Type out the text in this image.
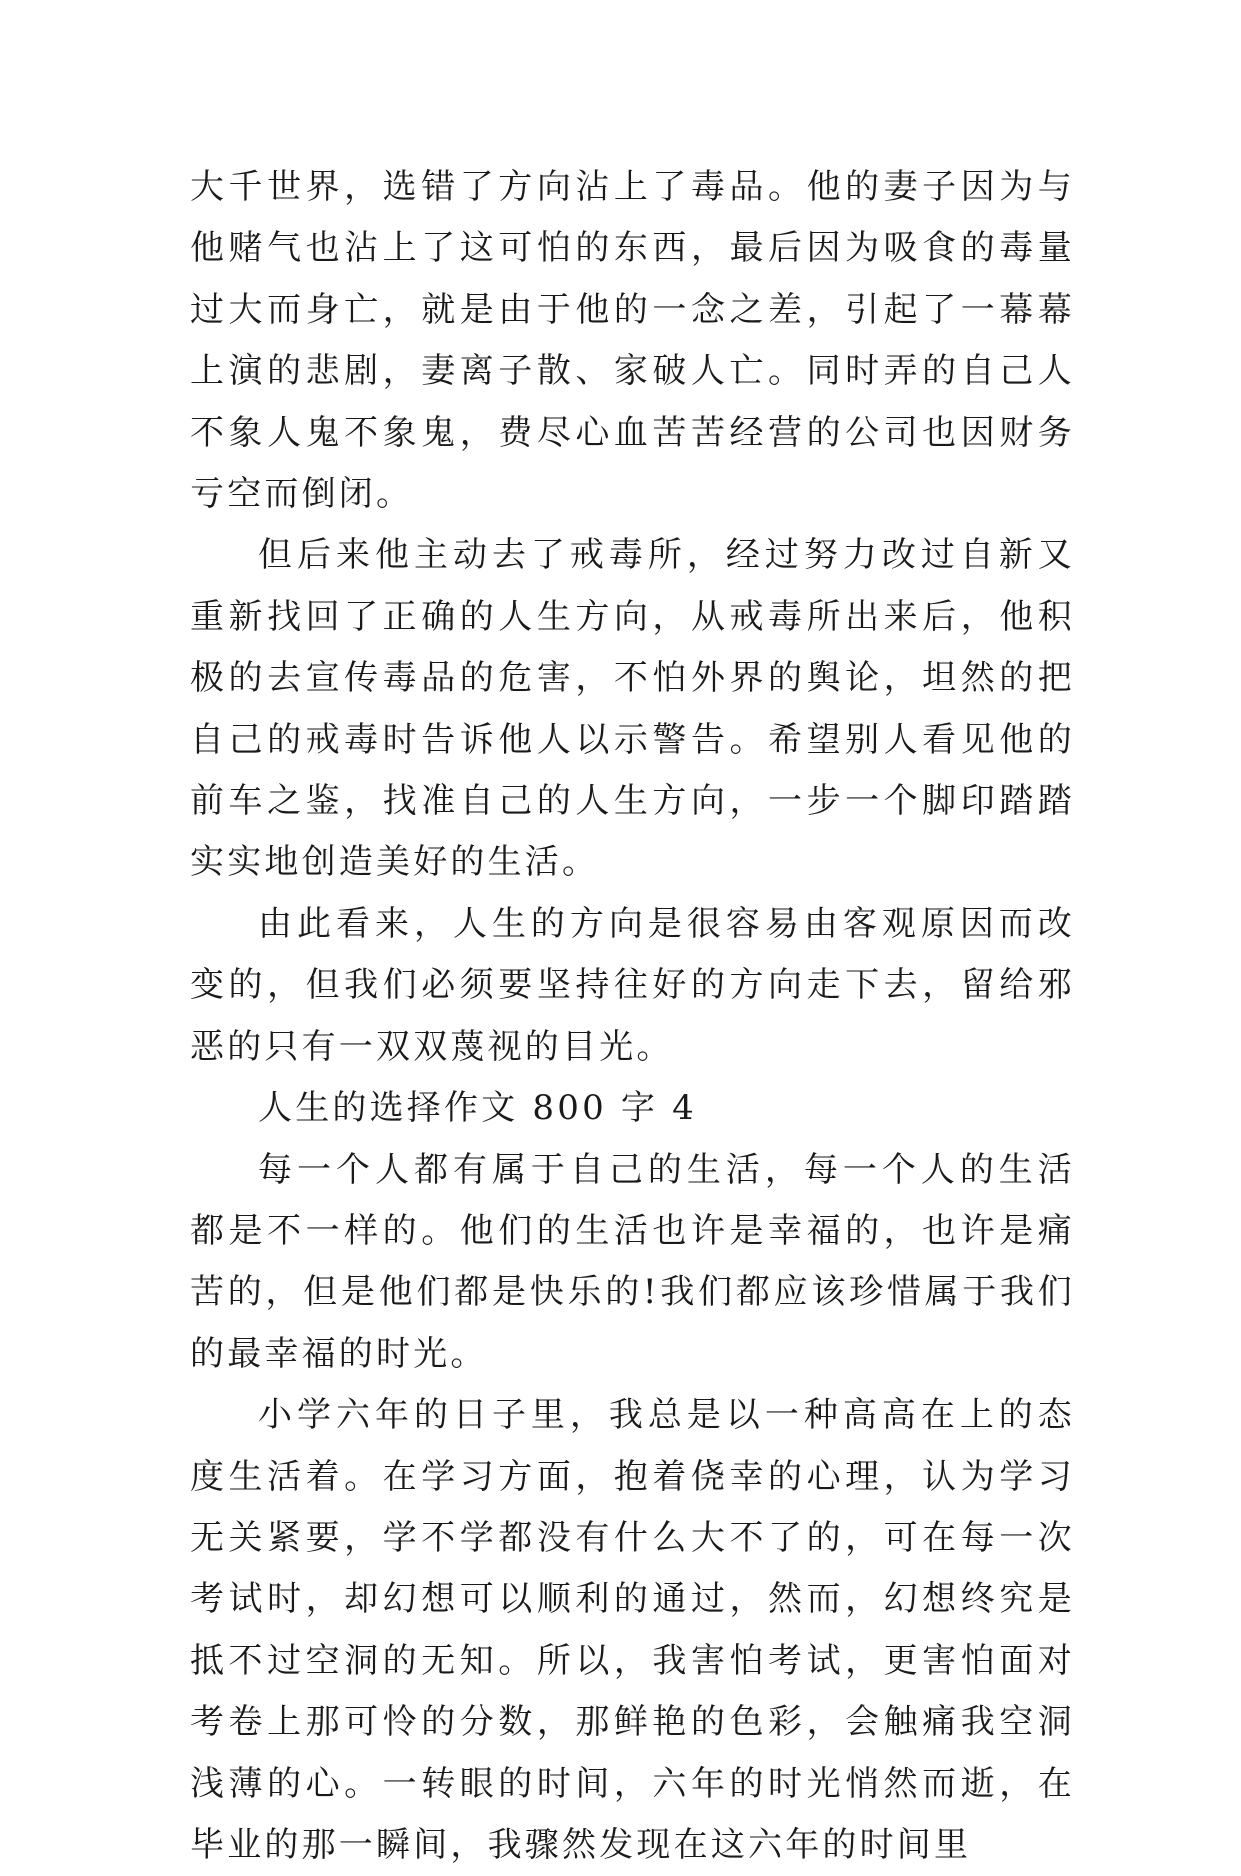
大千世界，选错了方向沾上了毒品。他的妻子因为与他赌气也沾上了这可怕的东西，最后因为吸食的毒量过大而身亡，就是由于他的一念之差，引起了一幕幕上演的悲剧，妻离子散、家破人亡。同时弄的自己人不象人鬼不象鬼，费尽心血苦苦经营的公司也因财务亏空而倒闭。

但后来他主动去了戒毒所，经过努力改过自新又重新找回了正确的人生方向，从戒毒所出来后，他积极的去宣传毒品的危害，不怕外界的舆论，坦然的把自己的戒毒时告诉他人以示警告。希望别人看见他的前车之鉴，找准自己的人生方向，一步一个脚印踏踏实实地创造美好的生活。

由此看来，人生的方向是很容易由客观原因而改变的，但我们必须要坚持往好的方向走下去，留给邪恶的只有一双双蔑视的目光。

人生的选择作文 800 字 4

每一个人都有属于自己的生活，每一个人的生活都是不一样的。他们的生活也许是幸福的，也许是痛苦的，但是他们都是快乐的!我们都应该珍惜属于我们的最幸福的时光。

小学六年的日子里，我总是以一种高高在上的态度生活着。在学习方面，抱着侥幸的心理，认为学习无关紧要，学不学都没有什么大不了的，可在每一次考试时，却幻想可以顺利的通过，然而，幻想终究是抵不过空洞的无知。所以，我害怕考试，更害怕面对考卷上那可怜的分数，那鲜艳的色彩，会触痛我空洞浅薄的心。一转眼的时间，六年的时光悄然而逝，在毕业的那一瞬间，我骤然发现在这六年的时间里
